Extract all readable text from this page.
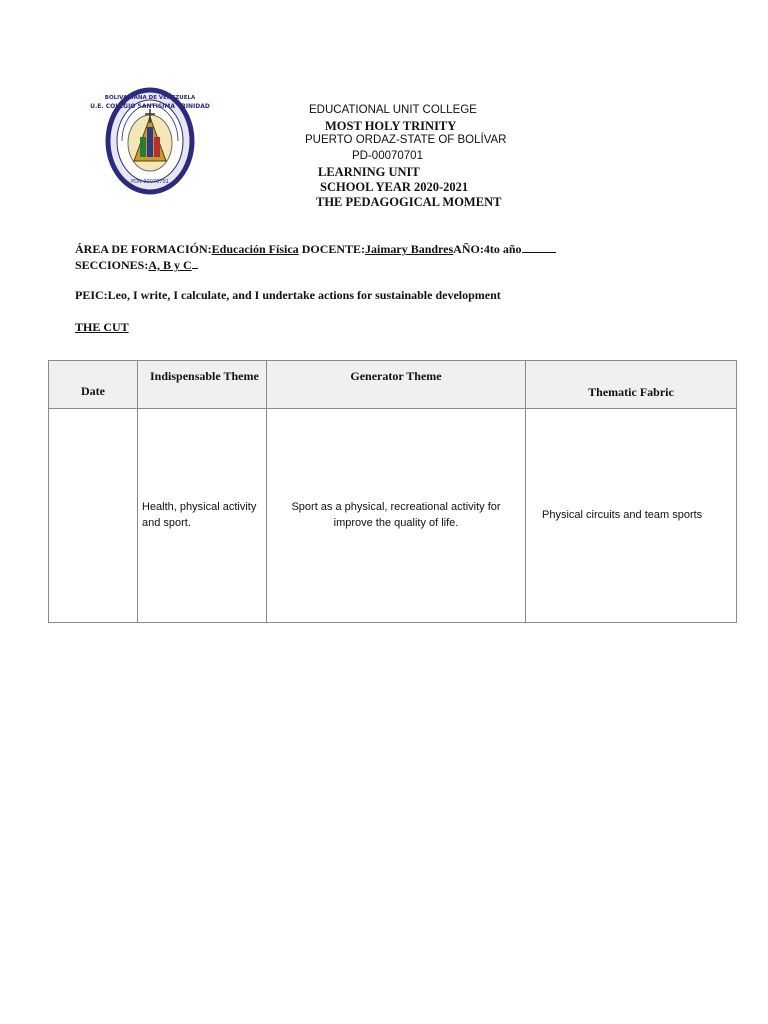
BOLIVARIANA DE VENEZUELA
U.E. COLEGIO SANTISIMA TRINIDAD
PDN 00070701
EDUCATIONAL UNIT COLLEGE
MOST HOLY TRINITY
PUERTO ORDAZ-STATE OF BOLÍVAR
PD-00070701
LEARNING UNIT
SCHOOL YEAR 2020-2021
THE PEDAGOGICAL MOMENT
ÁREA DE FORMACIÓN:Educación Física DOCENTE:Jaimary BandresAÑO:4to año
SECCIONES:A, B y C
PEIC:Leo, I write, I calculate, and I undertake actions for sustainable development
THE CUT
Date	Indispensable Theme	Generator Theme	Thematic Fabric
	Health, physical activity and sport.	Sport as a physical, recreational activity for improve the quality of life.	Physical circuits and team sports
